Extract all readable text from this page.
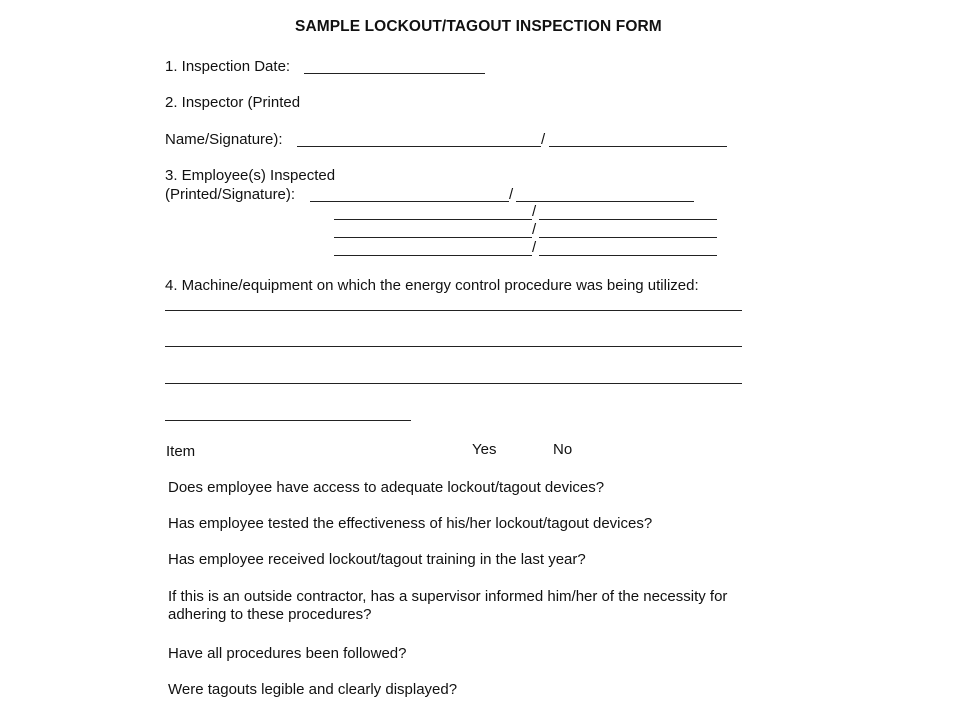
SAMPLE LOCKOUT/TAGOUT INSPECTION FORM
1. Inspection Date:
2. Inspector (Printed
Name/Signature):	/
3. Employee(s) Inspected
(Printed/Signature):	/
/
/
/
4. Machine/equipment on which the energy control procedure was being utilized:
Item	Yes	No
Does employee have access to adequate lockout/tagout devices?
Has employee tested the effectiveness of his/her lockout/tagout devices?
Has employee received lockout/tagout training in the last year?
If this is an outside contractor, has a supervisor informed him/her of the necessity for
adhering to these procedures?
Have all procedures been followed?
Were tagouts legible and clearly displayed?
